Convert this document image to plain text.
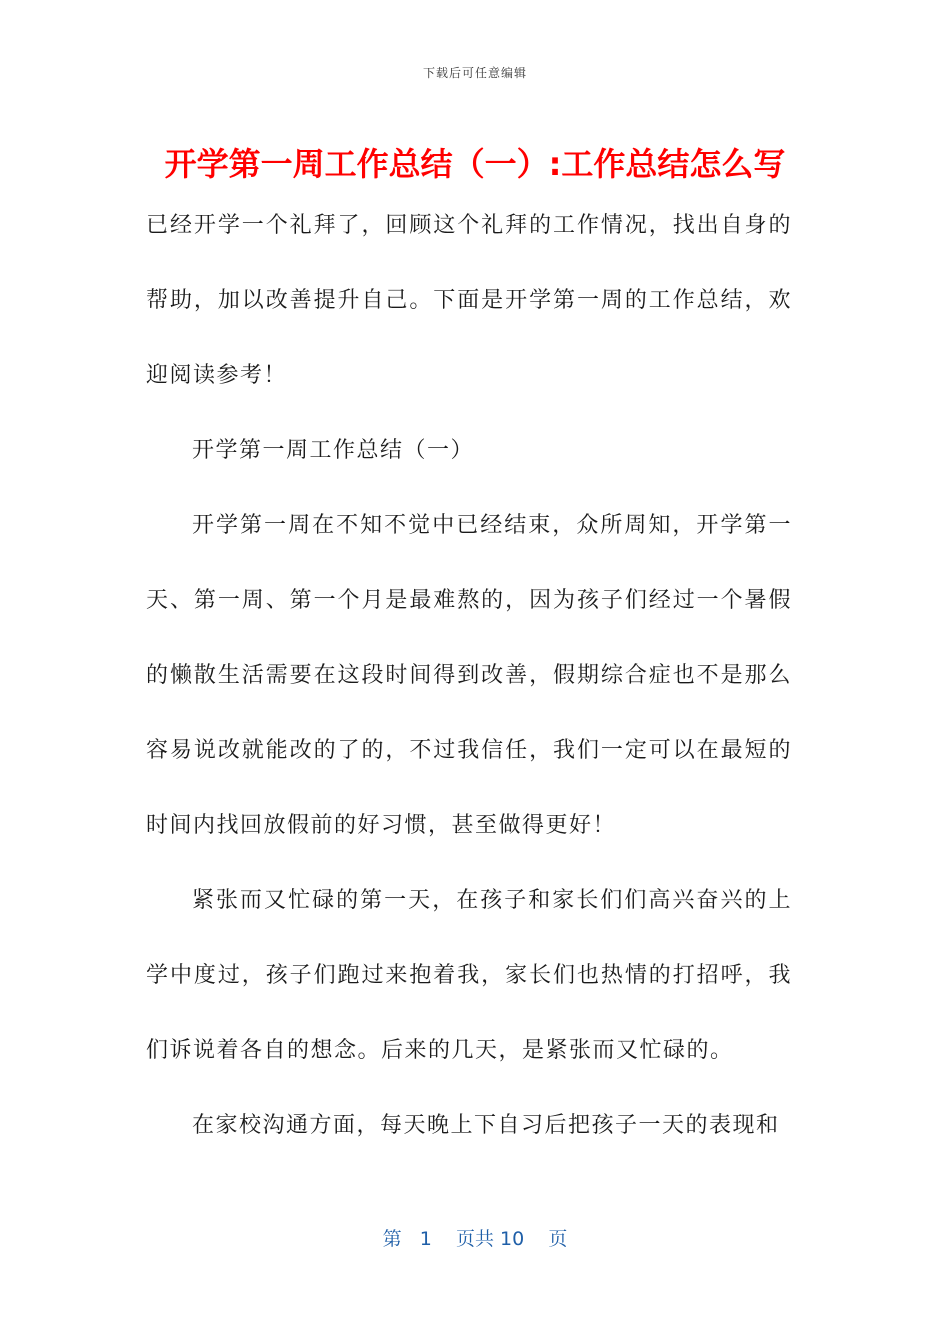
下载后可任意编辑
开学第一周工作总结（一）:工作总结怎么写

已经开学一个礼拜了，回顾这个礼拜的工作情况，找出自身的帮助，加以改善提升自己。下面是开学第一周的工作总结，欢迎阅读参考！

开学第一周工作总结（一）

开学第一周在不知不觉中已经结束，众所周知，开学第一天、第一周、第一个月是最难熬的，因为孩子们经过一个暑假的懒散生活需要在这段时间得到改善，假期综合症也不是那么容易说改就能改的了的，不过我信任，我们一定可以在最短的时间内找回放假前的好习惯，甚至做得更好！

紧张而又忙碌的第一天，在孩子和家长们们高兴奋兴的上学中度过，孩子们跑过来抱着我，家长们也热情的打招呼，我们诉说着各自的想念。后来的几天，是紧张而又忙碌的。

在家校沟通方面，每天晚上下自习后把孩子一天的表现和

第 1 页共 10 页
